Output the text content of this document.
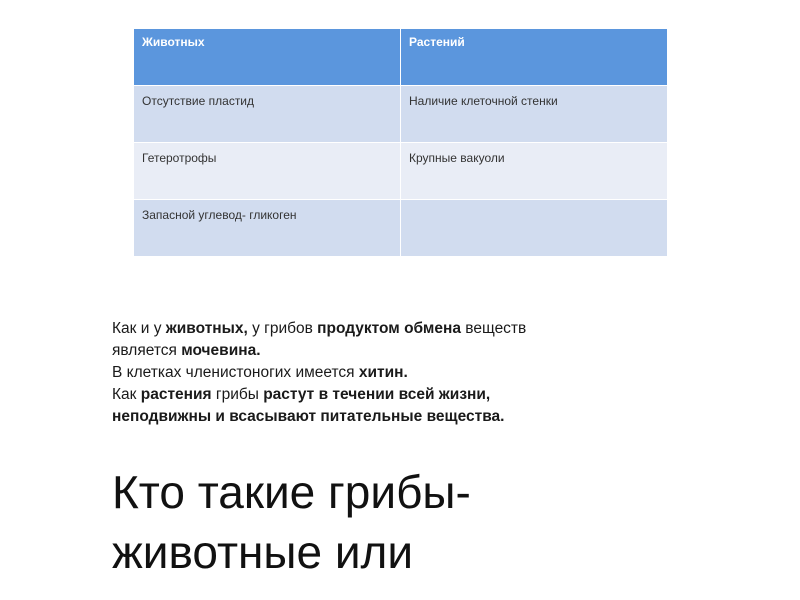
Животных	Растений
Отсутствие пластид	Наличие клеточной стенки
Гетеротрофы	Крупные вакуоли
Запасной углевод- гликоген	

Как и у животных, у грибов продуктом обмена веществ

является мочевина.

В клетках членистоногих имеется хитин.

Как растения грибы растут в течении всей жизни,

неподвижны и всасывают питательные вещества.

Кто такие грибы-
животные или
